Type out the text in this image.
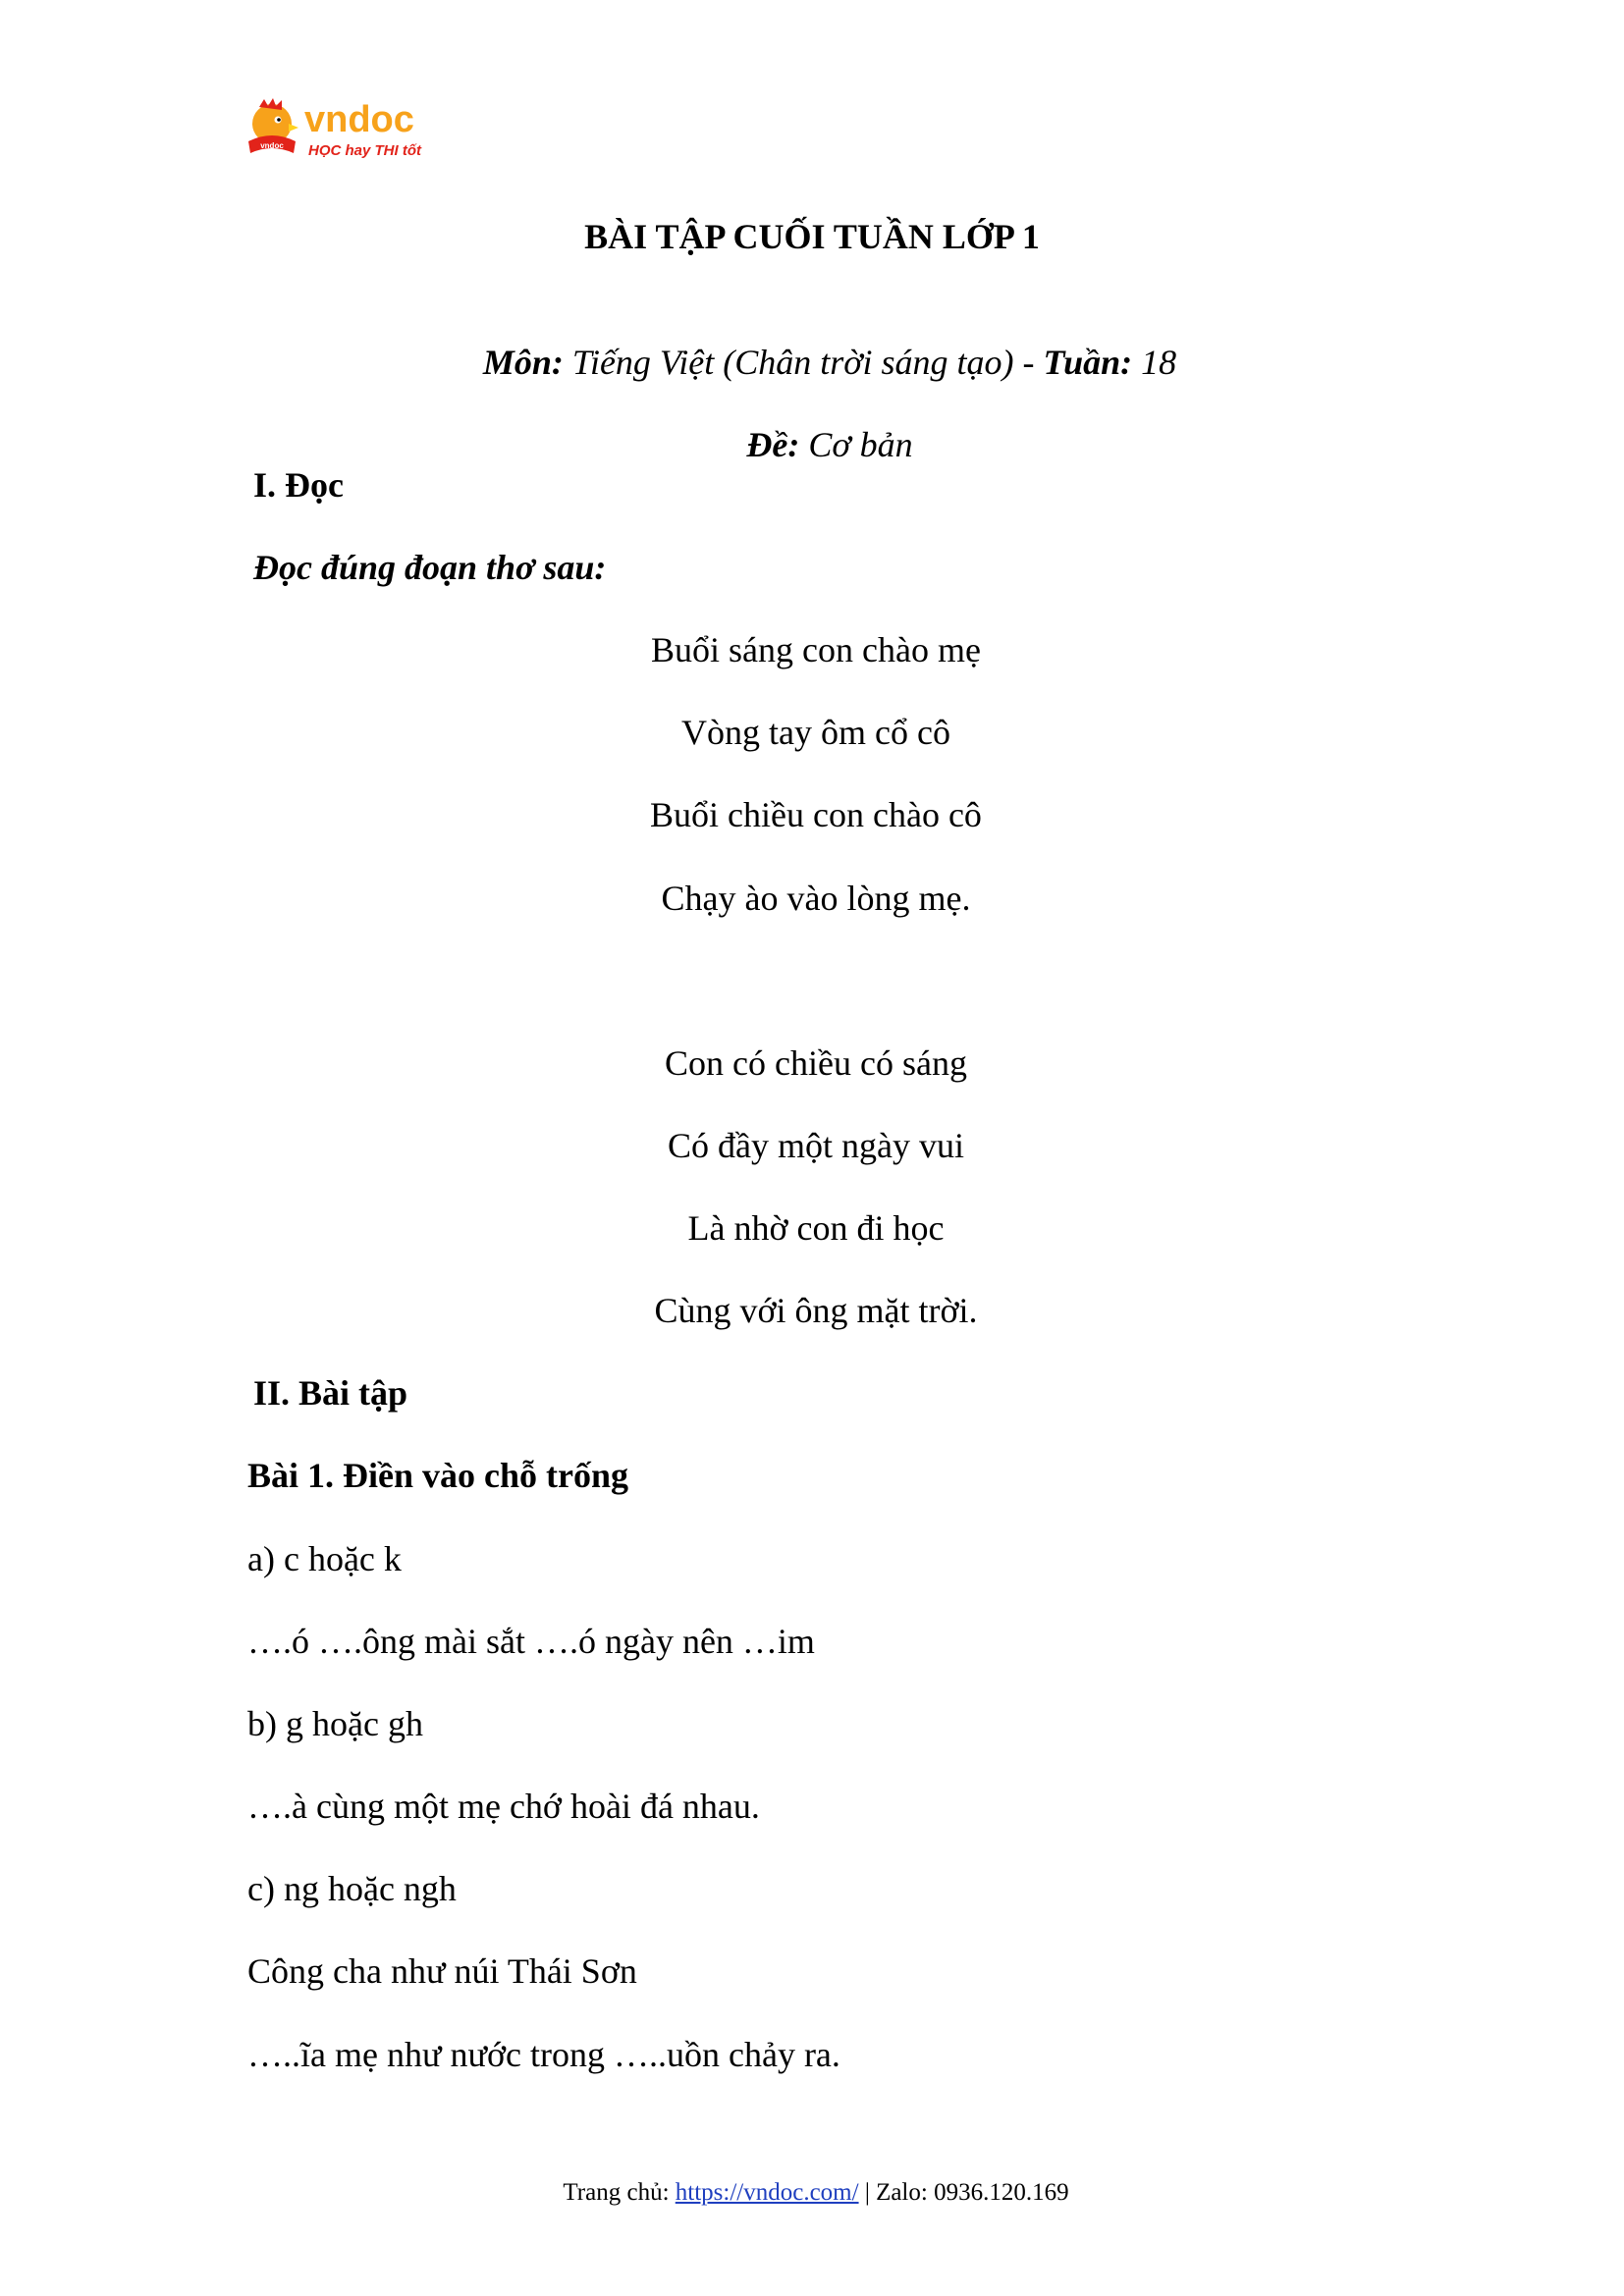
vndoc
vndoc
HỌC hay THI tốt
BÀI TẬP CUỐI TUẦN LỚP 1

Môn: Tiếng Việt (Chân trời sáng tạo) - Tuần: 18

Đề: Cơ bản

I. Đọc
Đọc đúng đoạn thơ sau:
Buổi sáng con chào mẹ
Vòng tay ôm cổ cô
Buổi chiều con chào cô
Chạy ào vào lòng mẹ.
Con có chiều có sáng
Có đầy một ngày vui
Là nhờ con đi học
Cùng với ông mặt trời.
II. Bài tập
Bài 1. Điền vào chỗ trống
a) c hoặc k
….ó ….ông mài sắt ….ó ngày nên …im
b) g hoặc gh
….à cùng một mẹ chớ hoài đá nhau.
c) ng hoặc ngh
Công cha như núi Thái Sơn
…..ĩa mẹ như nước trong …..uồn chảy ra.
Trang chủ: https://vndoc.com/ | Zalo: 0936.120.169
